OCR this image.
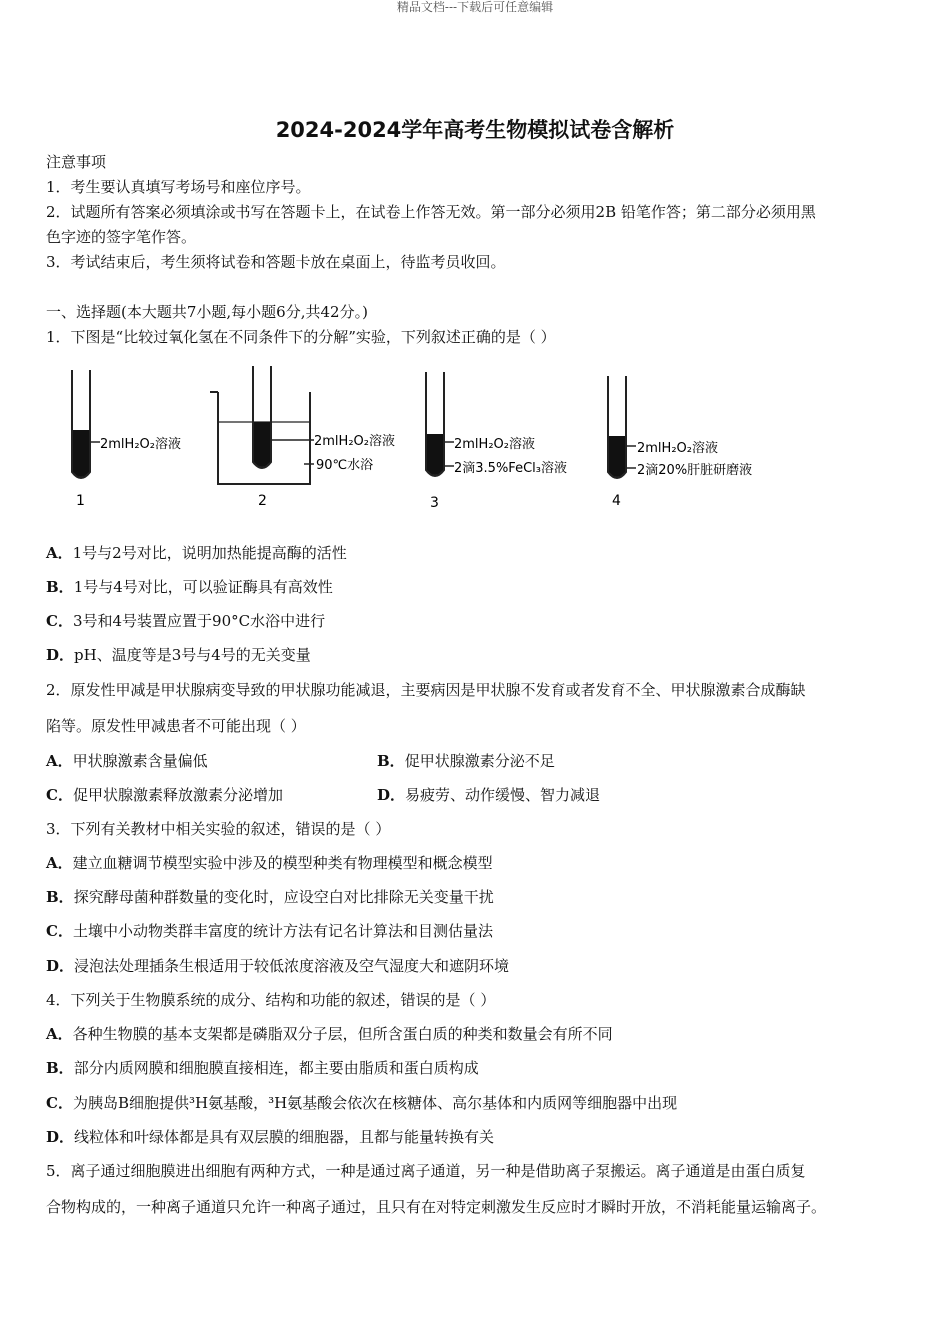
精品文档---下载后可任意编辑
2024-2024学年高考生物模拟试卷含解析
注意事项
1．考生要认真填写考场号和座位序号。
2．试题所有答案必须填涂或书写在答题卡上，在试卷上作答无效。第一部分必须用2B 铅笔作答；第二部分必须用黑
色字迹的签字笔作答。
3．考试结束后，考生须将试卷和答题卡放在桌面上，待监考员收回。
一、选择题(本大题共7小题,每小题6分,共42分。)
1．下图是“比较过氧化氢在不同条件下的分解”实验，下列叙述正确的是（ ）
2mlH₂O₂溶液
1
2mlH₂O₂溶液
90℃水浴
2
2mlH₂O₂溶液
2滴3.5%FeCl₃溶液
3
2mlH₂O₂溶液
2滴20%肝脏研磨液
4
A．1号与2号对比，说明加热能提高酶的活性
B．1号与4号对比，可以验证酶具有高效性
C．3号和4号装置应置于90°C水浴中进行
D．pH、温度等是3号与4号的无关变量
2．原发性甲减是甲状腺病变导致的甲状腺功能减退，主要病因是甲状腺不发育或者发育不全、甲状腺激素合成酶缺
陷等。原发性甲减患者不可能出现（ ）
A．甲状腺激素含量偏低	B．促甲状腺激素分泌不足
C．促甲状腺激素释放激素分泌增加	D．易疲劳、动作缓慢、智力减退
3．下列有关教材中相关实验的叙述，错误的是（ ）
A．建立血糖调节模型实验中涉及的模型种类有物理模型和概念模型
B．探究酵母菌种群数量的变化时，应设空白对比排除无关变量干扰
C．土壤中小动物类群丰富度的统计方法有记名计算法和目测估量法
D．浸泡法处理插条生根适用于较低浓度溶液及空气湿度大和遮阴环境
4．下列关于生物膜系统的成分、结构和功能的叙述，错误的是（ ）
A．各种生物膜的基本支架都是磷脂双分子层，但所含蛋白质的种类和数量会有所不同
B．部分内质网膜和细胞膜直接相连，都主要由脂质和蛋白质构成
C．为胰岛B细胞提供³H氨基酸，³H氨基酸会依次在核糖体、高尔基体和内质网等细胞器中出现
D．线粒体和叶绿体都是具有双层膜的细胞器，且都与能量转换有关
5．离子通过细胞膜进出细胞有两种方式，一种是通过离子通道，另一种是借助离子泵搬运。离子通道是由蛋白质复
合物构成的，一种离子通道只允许一种离子通过，且只有在对特定刺激发生反应时才瞬时开放，不消耗能量运输离子。
